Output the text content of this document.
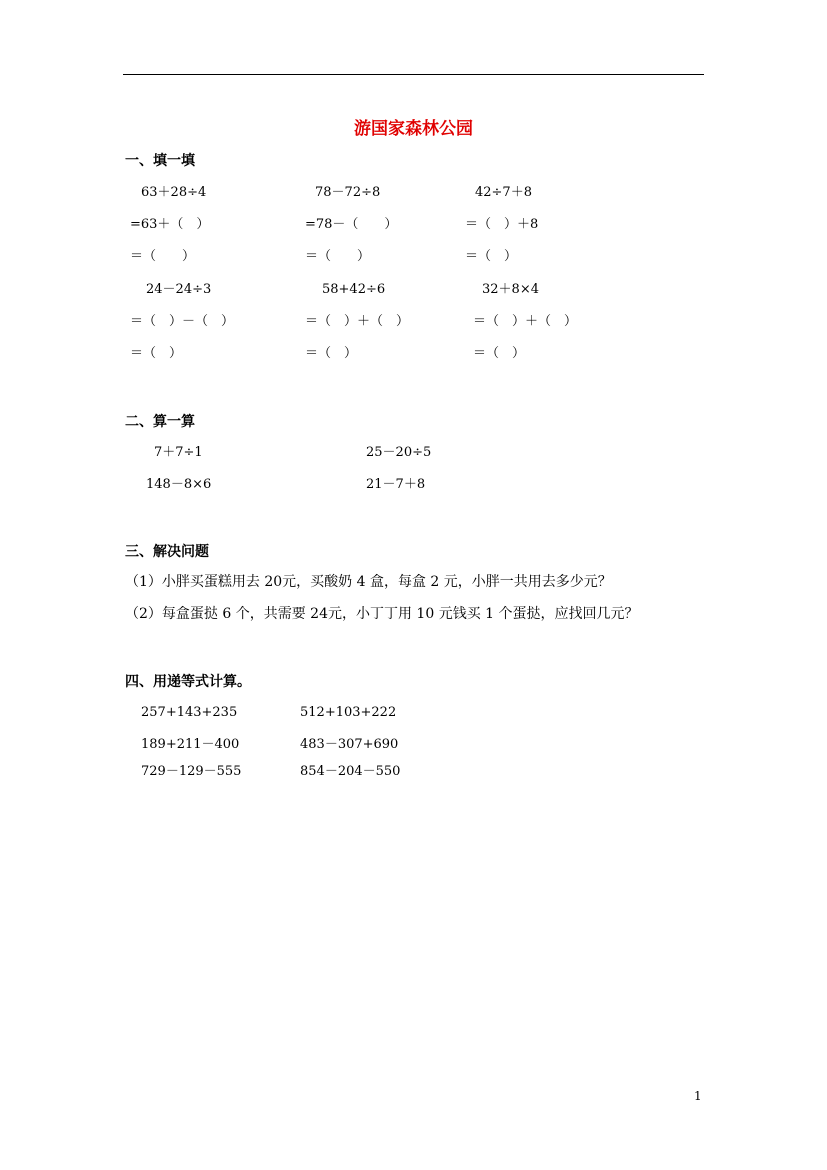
游国家森林公园
一、填一填
63＋28÷4	78－72÷8	42÷7＋8
=63＋（　）	=78－（　　）	＝（　）＋8
＝（　　）	＝（　　）	＝（　）
24－24÷3	58+42÷6	32＋8×4
＝（　）－（　）	＝（　）＋（　）	＝（　）＋（　）
＝（　）	＝（　）	＝（　）
二、算一算
7＋7÷1	25－20÷5
148－8×6	21－7＋8
三、解决问题
（1）小胖买蛋糕用去 20元，买酸奶 4 盒，每盒 2 元，小胖一共用去多少元？
（2）每盒蛋挞 6 个，共需要 24元，小丁丁用 10 元钱买 1 个蛋挞，应找回几元？
四、用递等式计算。
257+143+235	512+103+222
189+211－400	483－307+690
729－129－555	854－204－550
1
